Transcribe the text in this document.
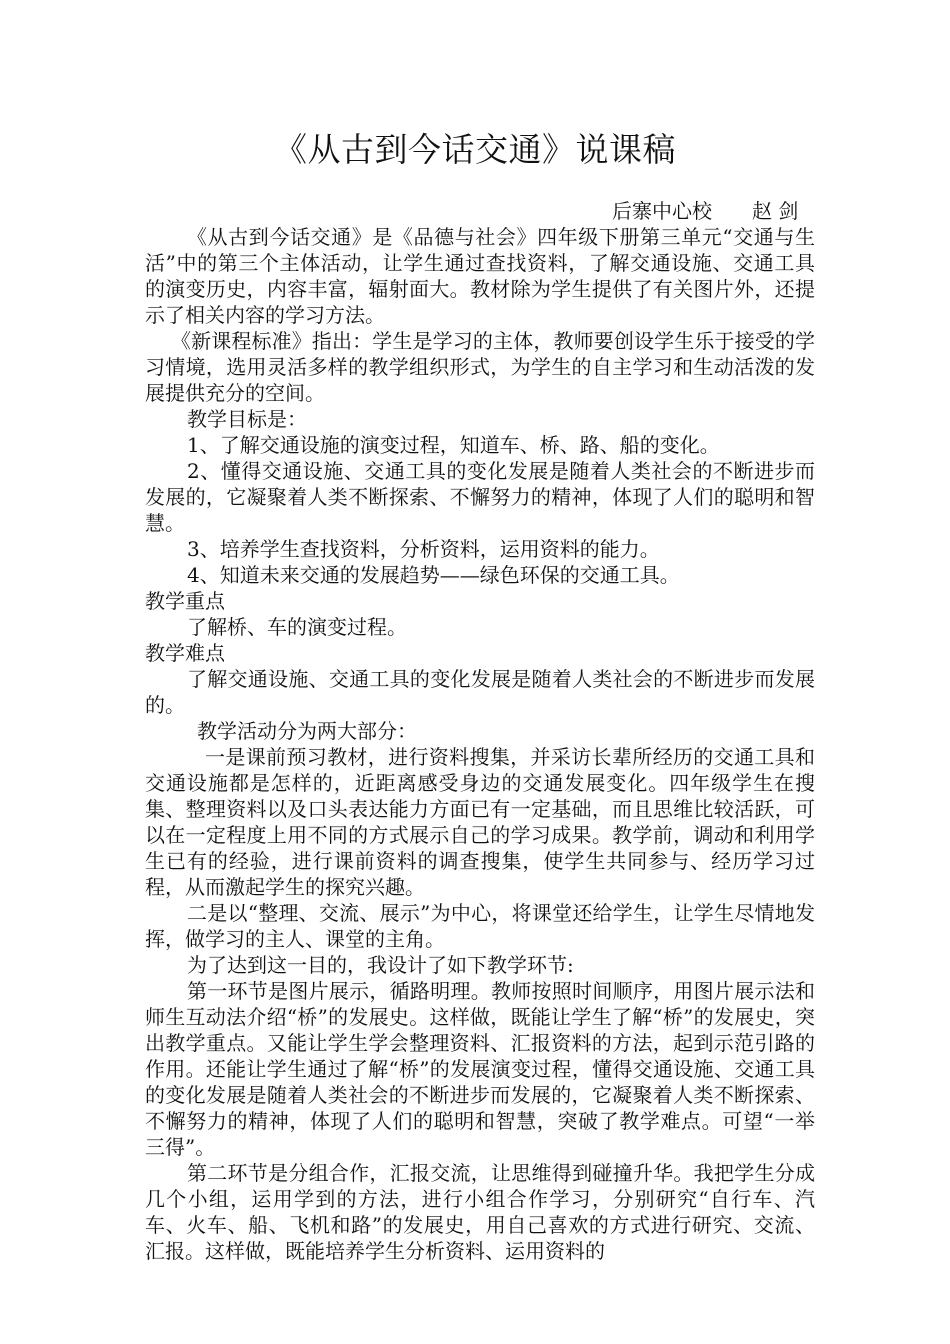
《从古到今话交通》说课稿
后寨中心校　　赵 剑

《从古到今话交通》是《品德与社会》四年级下册第三单元“交通与生活”中的第三个主体活动，让学生通过查找资料，了解交通设施、交通工具的演变历史，内容丰富，辐射面大。教材除为学生提供了有关图片外，还提示了相关内容的学习方法。

《新课程标准》指出：学生是学习的主体，教师要创设学生乐于接受的学习情境，选用灵活多样的教学组织形式，为学生的自主学习和生动活泼的发展提供充分的空间。

教学目标是：

1、了解交通设施的演变过程，知道车、桥、路、船的变化。

2、懂得交通设施、交通工具的变化发展是随着人类社会的不断进步而发展的，它凝聚着人类不断探索、不懈努力的精神，体现了人们的聪明和智慧。

3、培养学生查找资料，分析资料，运用资料的能力。

4、知道未来交通的发展趋势——绿色环保的交通工具。

教学重点

了解桥、车的演变过程。

教学难点

了解交通设施、交通工具的变化发展是随着人类社会的不断进步而发展的。

教学活动分为两大部分：

一是课前预习教材，进行资料搜集，并采访长辈所经历的交通工具和交通设施都是怎样的，近距离感受身边的交通发展变化。四年级学生在搜集、整理资料以及口头表达能力方面已有一定基础，而且思维比较活跃，可以在一定程度上用不同的方式展示自己的学习成果。教学前，调动和利用学生已有的经验，进行课前资料的调查搜集，使学生共同参与、经历学习过程，从而激起学生的探究兴趣。

二是以“整理、交流、展示”为中心，将课堂还给学生，让学生尽情地发挥，做学习的主人、课堂的主角。

为了达到这一目的，我设计了如下教学环节:

第一环节是图片展示，循路明理。教师按照时间顺序，用图片展示法和师生互动法介绍“桥”的发展史。这样做，既能让学生了解“桥”的发展史，突出教学重点。又能让学生学会整理资料、汇报资料的方法，起到示范引路的作用。还能让学生通过了解“桥”的发展演变过程，懂得交通设施、交通工具的变化发展是随着人类社会的不断进步而发展的，它凝聚着人类不断探索、不懈努力的精神，体现了人们的聪明和智慧，突破了教学难点。可望“一举三得”。

第二环节是分组合作，汇报交流，让思维得到碰撞升华。我把学生分成几个小组，运用学到的方法，进行小组合作学习，分别研究“自行车、汽车、火车、船、飞机和路”的发展史，用自己喜欢的方式进行研究、交流、汇报。这样做，既能培养学生分析资料、运用资料的
